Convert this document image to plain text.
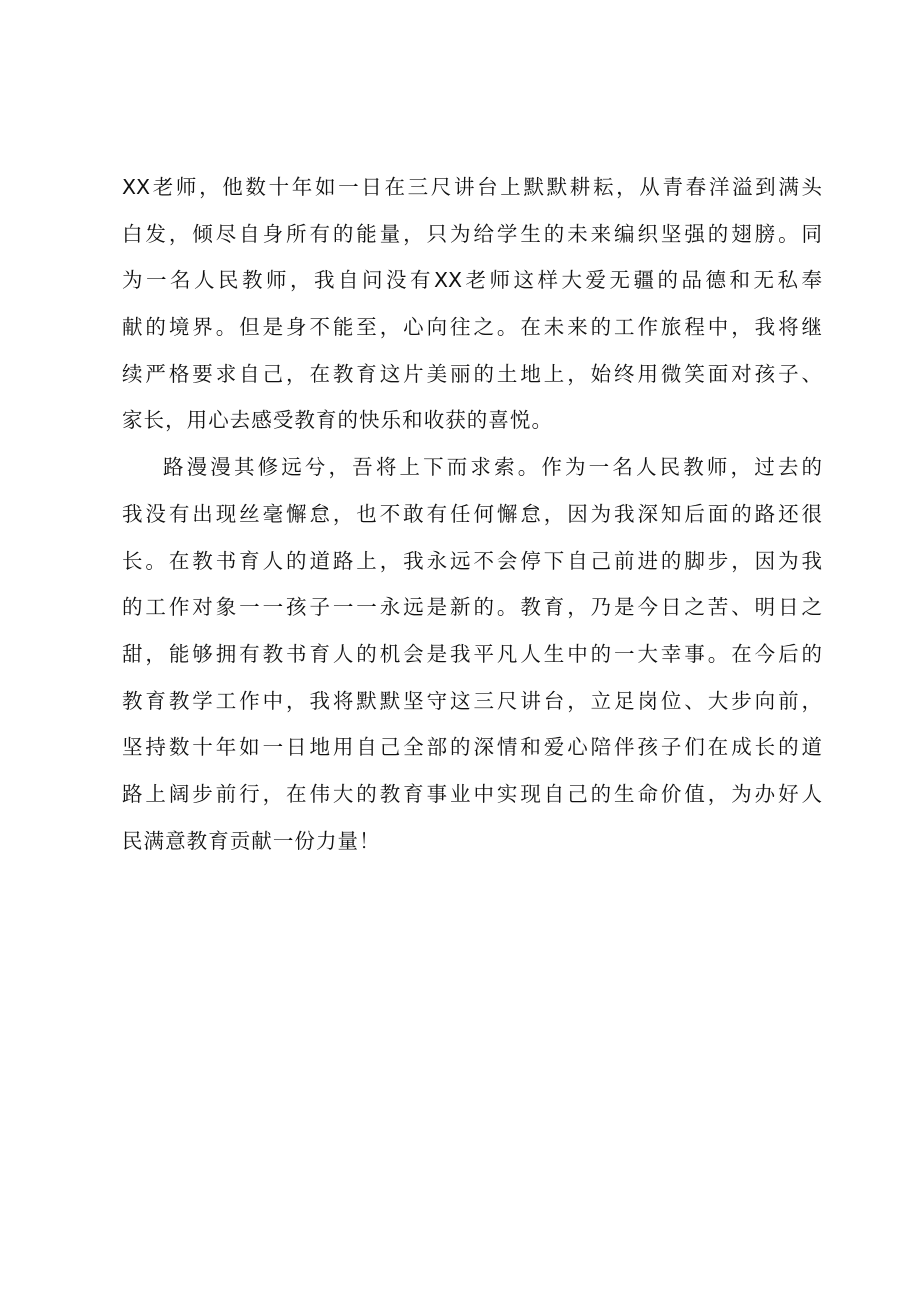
XX老师，他数十年如一日在三尺讲台上默默耕耘，从青春洋溢到满头
白发，倾尽自身所有的能量，只为给学生的未来编织坚强的翅膀。同
为一名人民教师，我自问没有XX老师这样大爱无疆的品德和无私奉
献的境界。但是身不能至，心向往之。在未来的工作旅程中，我将继
续严格要求自己，在教育这片美丽的土地上，始终用微笑面对孩子、
家长，用心去感受教育的快乐和收获的喜悦。
路漫漫其修远兮，吾将上下而求索。作为一名人民教师，过去的
我没有出现丝毫懈怠，也不敢有任何懈怠，因为我深知后面的路还很
长。在教书育人的道路上，我永远不会停下自己前进的脚步，因为我
的工作对象一一孩子一一永远是新的。教育，乃是今日之苦、明日之
甜，能够拥有教书育人的机会是我平凡人生中的一大幸事。在今后的
教育教学工作中，我将默默坚守这三尺讲台，立足岗位、大步向前，
坚持数十年如一日地用自己全部的深情和爱心陪伴孩子们在成长的道
路上阔步前行，在伟大的教育事业中实现自己的生命价值，为办好人
民满意教育贡献一份力量！
